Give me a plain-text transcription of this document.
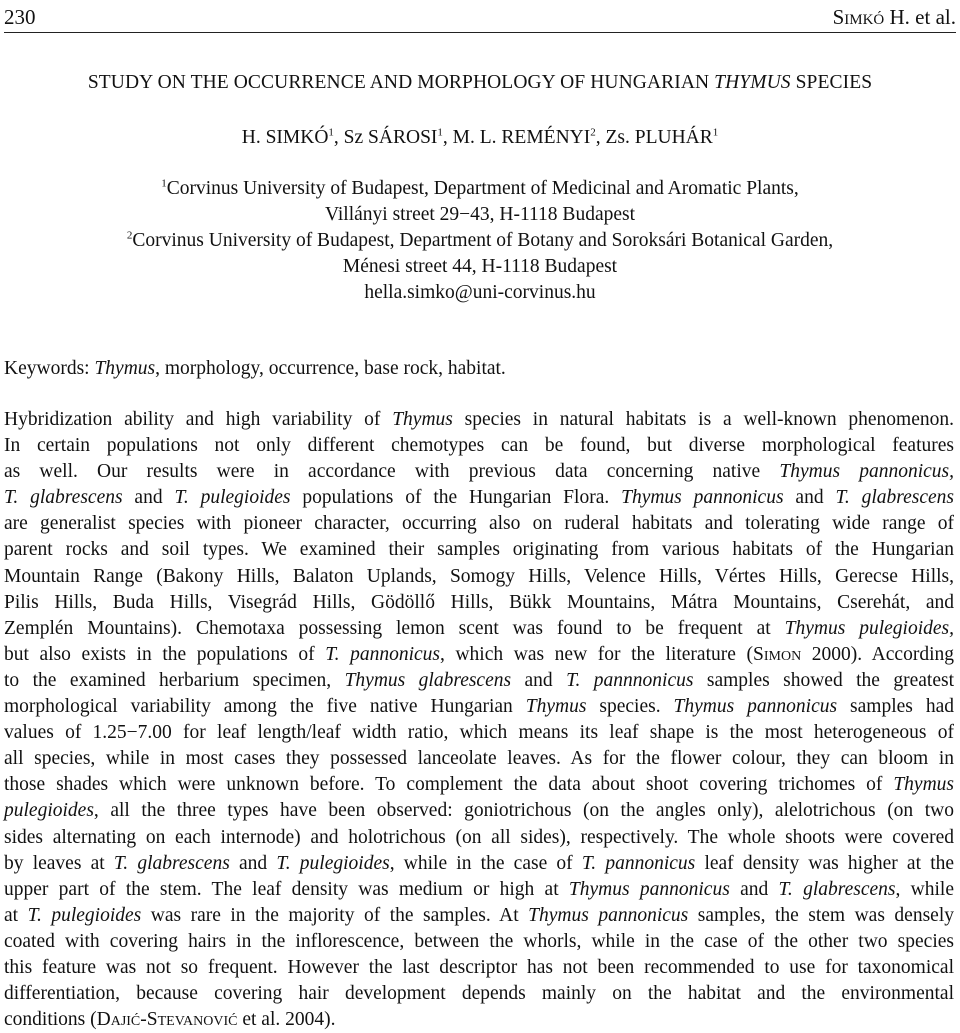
230	Simkó H. et al.
STUDY ON THE OCCURRENCE AND MORPHOLOGY OF HUNGARIAN THYMUS SPECIES
H. SIMKÓ$^1$, Sz SÁROSI$^1$, M. L. REMÉNYI$^2$, Zs. PLUHÁR$^1$
$^1$Corvinus University of Budapest, Department of Medicinal and Aromatic Plants,
Villányi street 29−43, H-1118 Budapest
$^2$Corvinus University of Budapest, Department of Botany and Soroksári Botanical Garden,
Ménesi street 44, H-1118 Budapest
hella.simko@uni-corvinus.hu
Keywords: Thymus, morphology, occurrence, base rock, habitat.
Hybridization ability and high variability of Thymus species in natural habitats is a well-known phenomenon.
In certain populations not only different chemotypes can be found, but diverse morphological features
as well. Our results were in accordance with previous data concerning native Thymus pannonicus,
T. glabrescens and T. pulegioides populations of the Hungarian Flora. Thymus pannonicus and T. glabrescens
are generalist species with pioneer character, occurring also on ruderal habitats and tolerating wide range of
parent rocks and soil types. We examined their samples originating from various habitats of the Hungarian
Mountain Range (Bakony Hills, Balaton Uplands, Somogy Hills, Velence Hills, Vértes Hills, Gerecse Hills,
Pilis Hills, Buda Hills, Visegrád Hills, Gödöllő Hills, Bükk Mountains, Mátra Mountains, Cserehát, and
Zemplén Mountains). Chemotaxa possessing lemon scent was found to be frequent at Thymus pulegioides,
but also exists in the populations of T. pannonicus, which was new for the literature (Simon 2000). According
to the examined herbarium specimen, Thymus glabrescens and T. pannnonicus samples showed the greatest
morphological variability among the five native Hungarian Thymus species. Thymus pannonicus samples had
values of 1.25−7.00 for leaf length/leaf width ratio, which means its leaf shape is the most heterogeneous of
all species, while in most cases they possessed lanceolate leaves. As for the flower colour, they can bloom in
those shades which were unknown before. To complement the data about shoot covering trichomes of Thymus
pulegioides, all the three types have been observed: goniotrichous (on the angles only), alelotrichous (on two
sides alternating on each internode) and holotrichous (on all sides), respectively. The whole shoots were covered
by leaves at T. glabrescens and T. pulegioides, while in the case of T. pannonicus leaf density was higher at the
upper part of the stem. The leaf density was medium or high at Thymus pannonicus and T. glabrescens, while
at T. pulegioides was rare in the majority of the samples. At Thymus pannonicus samples, the stem was densely
coated with covering hairs in the inflorescence, between the whorls, while in the case of the other two species
this feature was not so frequent. However the last descriptor has not been recommended to use for taxonomical
differentiation, because covering hair development depends mainly on the habitat and the environmental
conditions (Dajić-Stevanović et al. 2004).
